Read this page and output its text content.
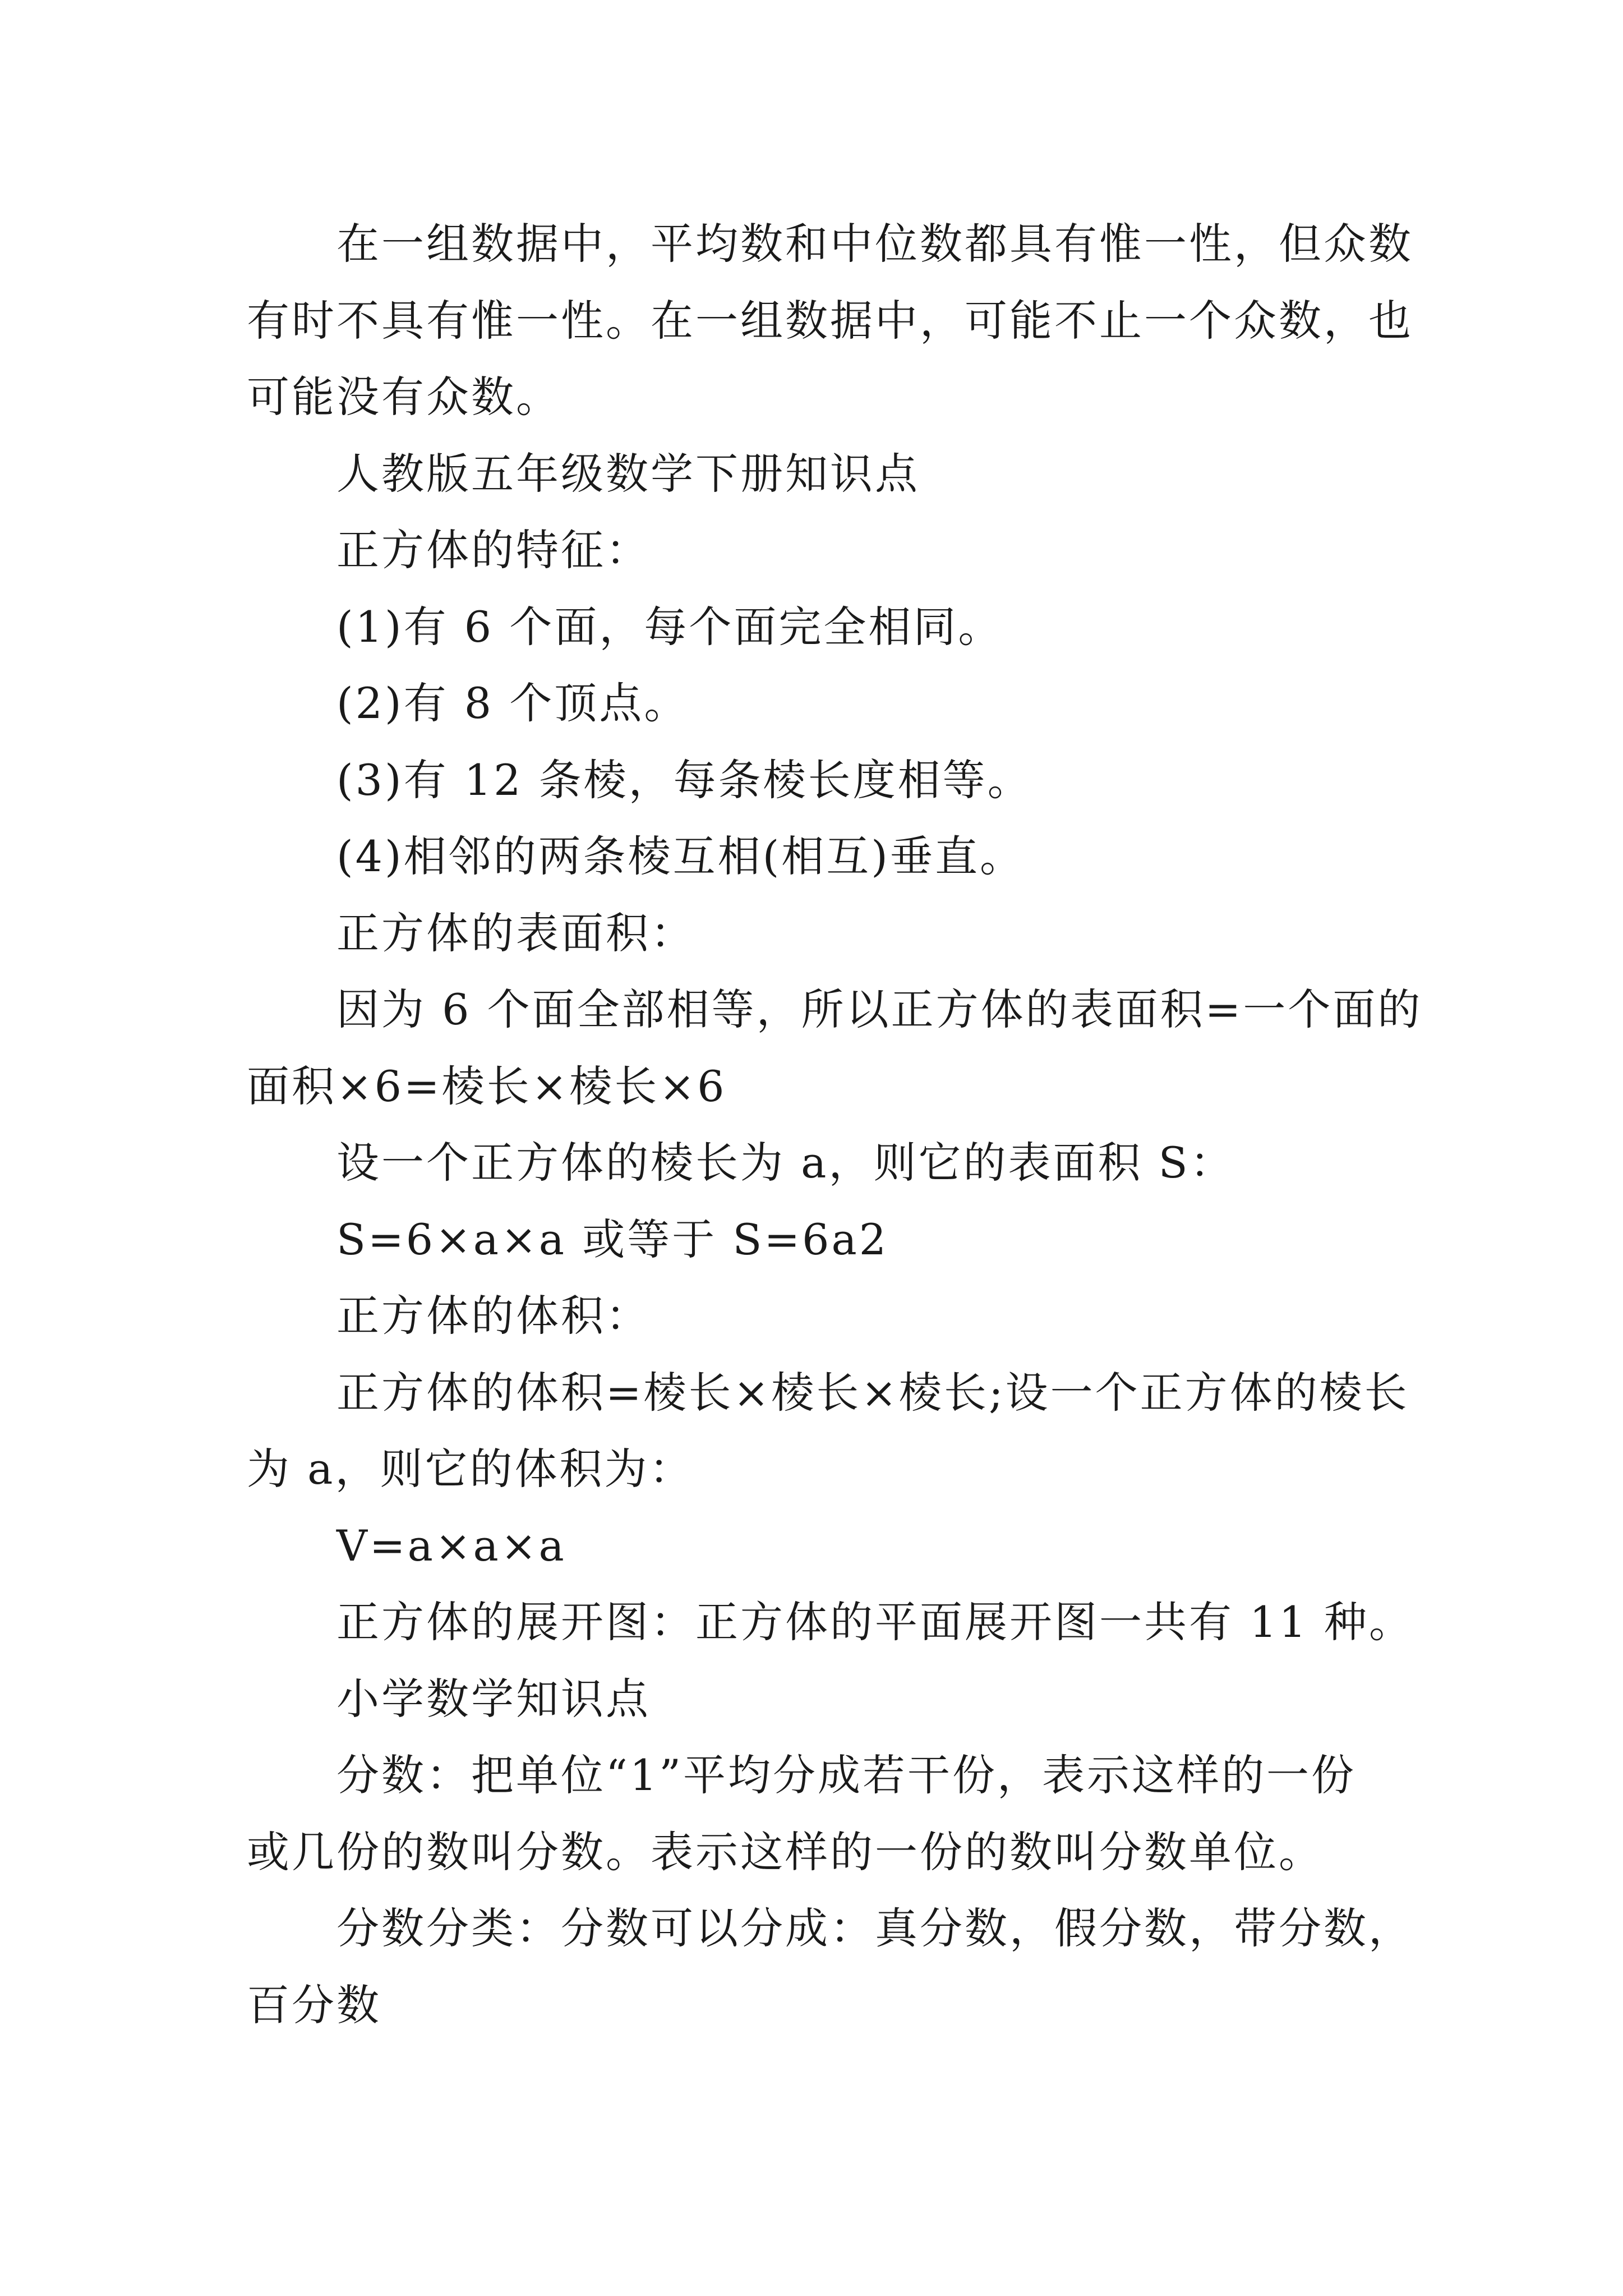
在一组数据中，平均数和中位数都具有惟一性，但众数
有时不具有惟一性。在一组数据中，可能不止一个众数，也
可能没有众数。
人教版五年级数学下册知识点
正方体的特征：
(1)有 6 个面，每个面完全相同。
(2)有 8 个顶点。
(3)有 12 条棱，每条棱长度相等。
(4)相邻的两条棱互相(相互)垂直。
正方体的表面积：
因为 6 个面全部相等，所以正方体的表面积=一个面的
面积×6=棱长×棱长×6
设一个正方体的棱长为 a，则它的表面积 S：
S=6×a×a 或等于 S=6a2
正方体的体积：
正方体的体积=棱长×棱长×棱长;设一个正方体的棱长
为 a，则它的体积为：
V=a×a×a
正方体的展开图：正方体的平面展开图一共有 11 种。
小学数学知识点
分数：把单位“1”平均分成若干份，表示这样的一份
或几份的数叫分数。表示这样的一份的数叫分数单位。
分数分类：分数可以分成：真分数，假分数，带分数，
百分数
